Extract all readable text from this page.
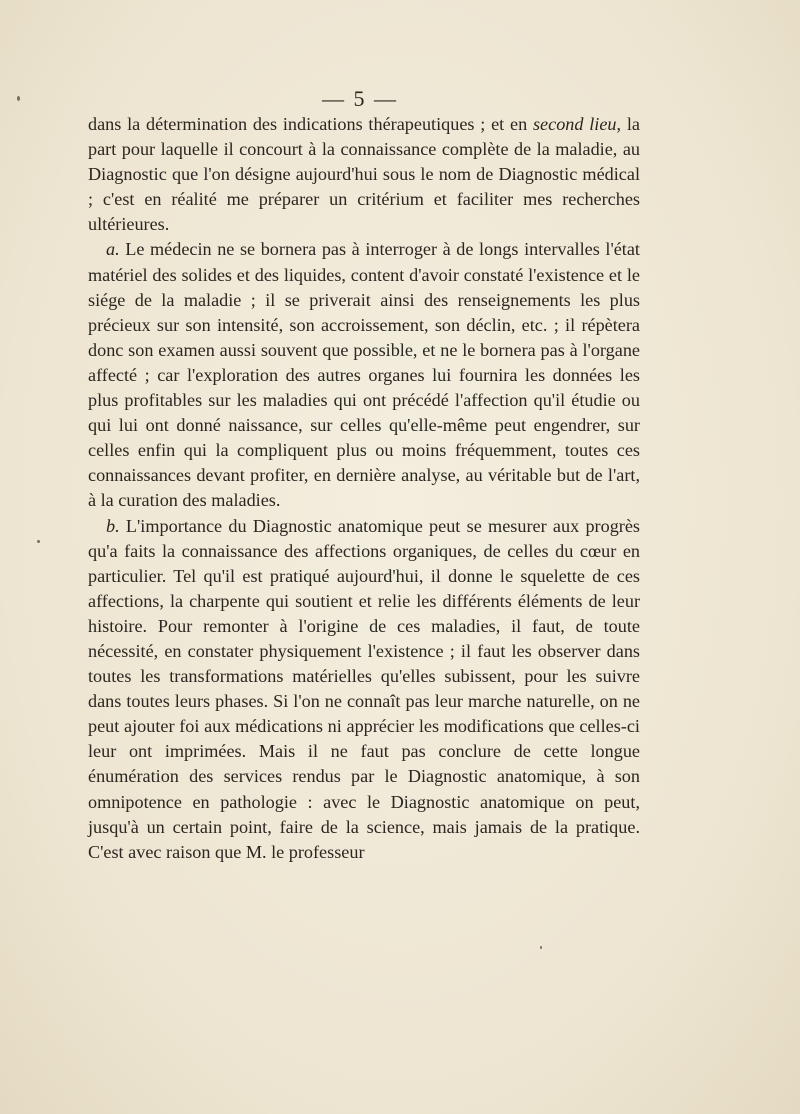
— 5 —

dans la détermination des indications thérapeutiques ; et en second lieu, la part pour laquelle il concourt à la connaissance complète de la maladie, au Diagnostic que l'on désigne aujourd'hui sous le nom de Diagnostic médical ; c'est en réalité me préparer un critérium et faciliter mes recherches ultérieures.

a. Le médecin ne se bornera pas à interroger à de longs intervalles l'état matériel des solides et des liquides, content d'avoir constaté l'existence et le siége de la maladie ; il se priverait ainsi des renseignements les plus précieux sur son intensité, son accroissement, son déclin, etc. ; il répètera donc son examen aussi souvent que possible, et ne le bornera pas à l'organe affecté ; car l'exploration des autres organes lui fournira les données les plus profitables sur les maladies qui ont précédé l'affection qu'il étudie ou qui lui ont donné naissance, sur celles qu'elle-même peut engendrer, sur celles enfin qui la compliquent plus ou moins fréquemment, toutes ces connaissances devant profiter, en dernière analyse, au véritable but de l'art, à la curation des maladies.

b. L'importance du Diagnostic anatomique peut se mesurer aux progrès qu'a faits la connaissance des affections organiques, de celles du cœur en particulier. Tel qu'il est pratiqué aujourd'hui, il donne le squelette de ces affections, la charpente qui soutient et relie les différents éléments de leur histoire. Pour remonter à l'origine de ces maladies, il faut, de toute nécessité, en constater physiquement l'existence ; il faut les observer dans toutes les transformations matérielles qu'elles subissent, pour les suivre dans toutes leurs phases. Si l'on ne connaît pas leur marche naturelle, on ne peut ajouter foi aux médications ni apprécier les modifications que celles-ci leur ont imprimées. Mais il ne faut pas conclure de cette longue énumération des services rendus par le Diagnostic anatomique, à son omnipotence en pathologie : avec le Diagnostic anatomique on peut, jusqu'à un certain point, faire de la science, mais jamais de la pratique. C'est avec raison que M. le professeur
